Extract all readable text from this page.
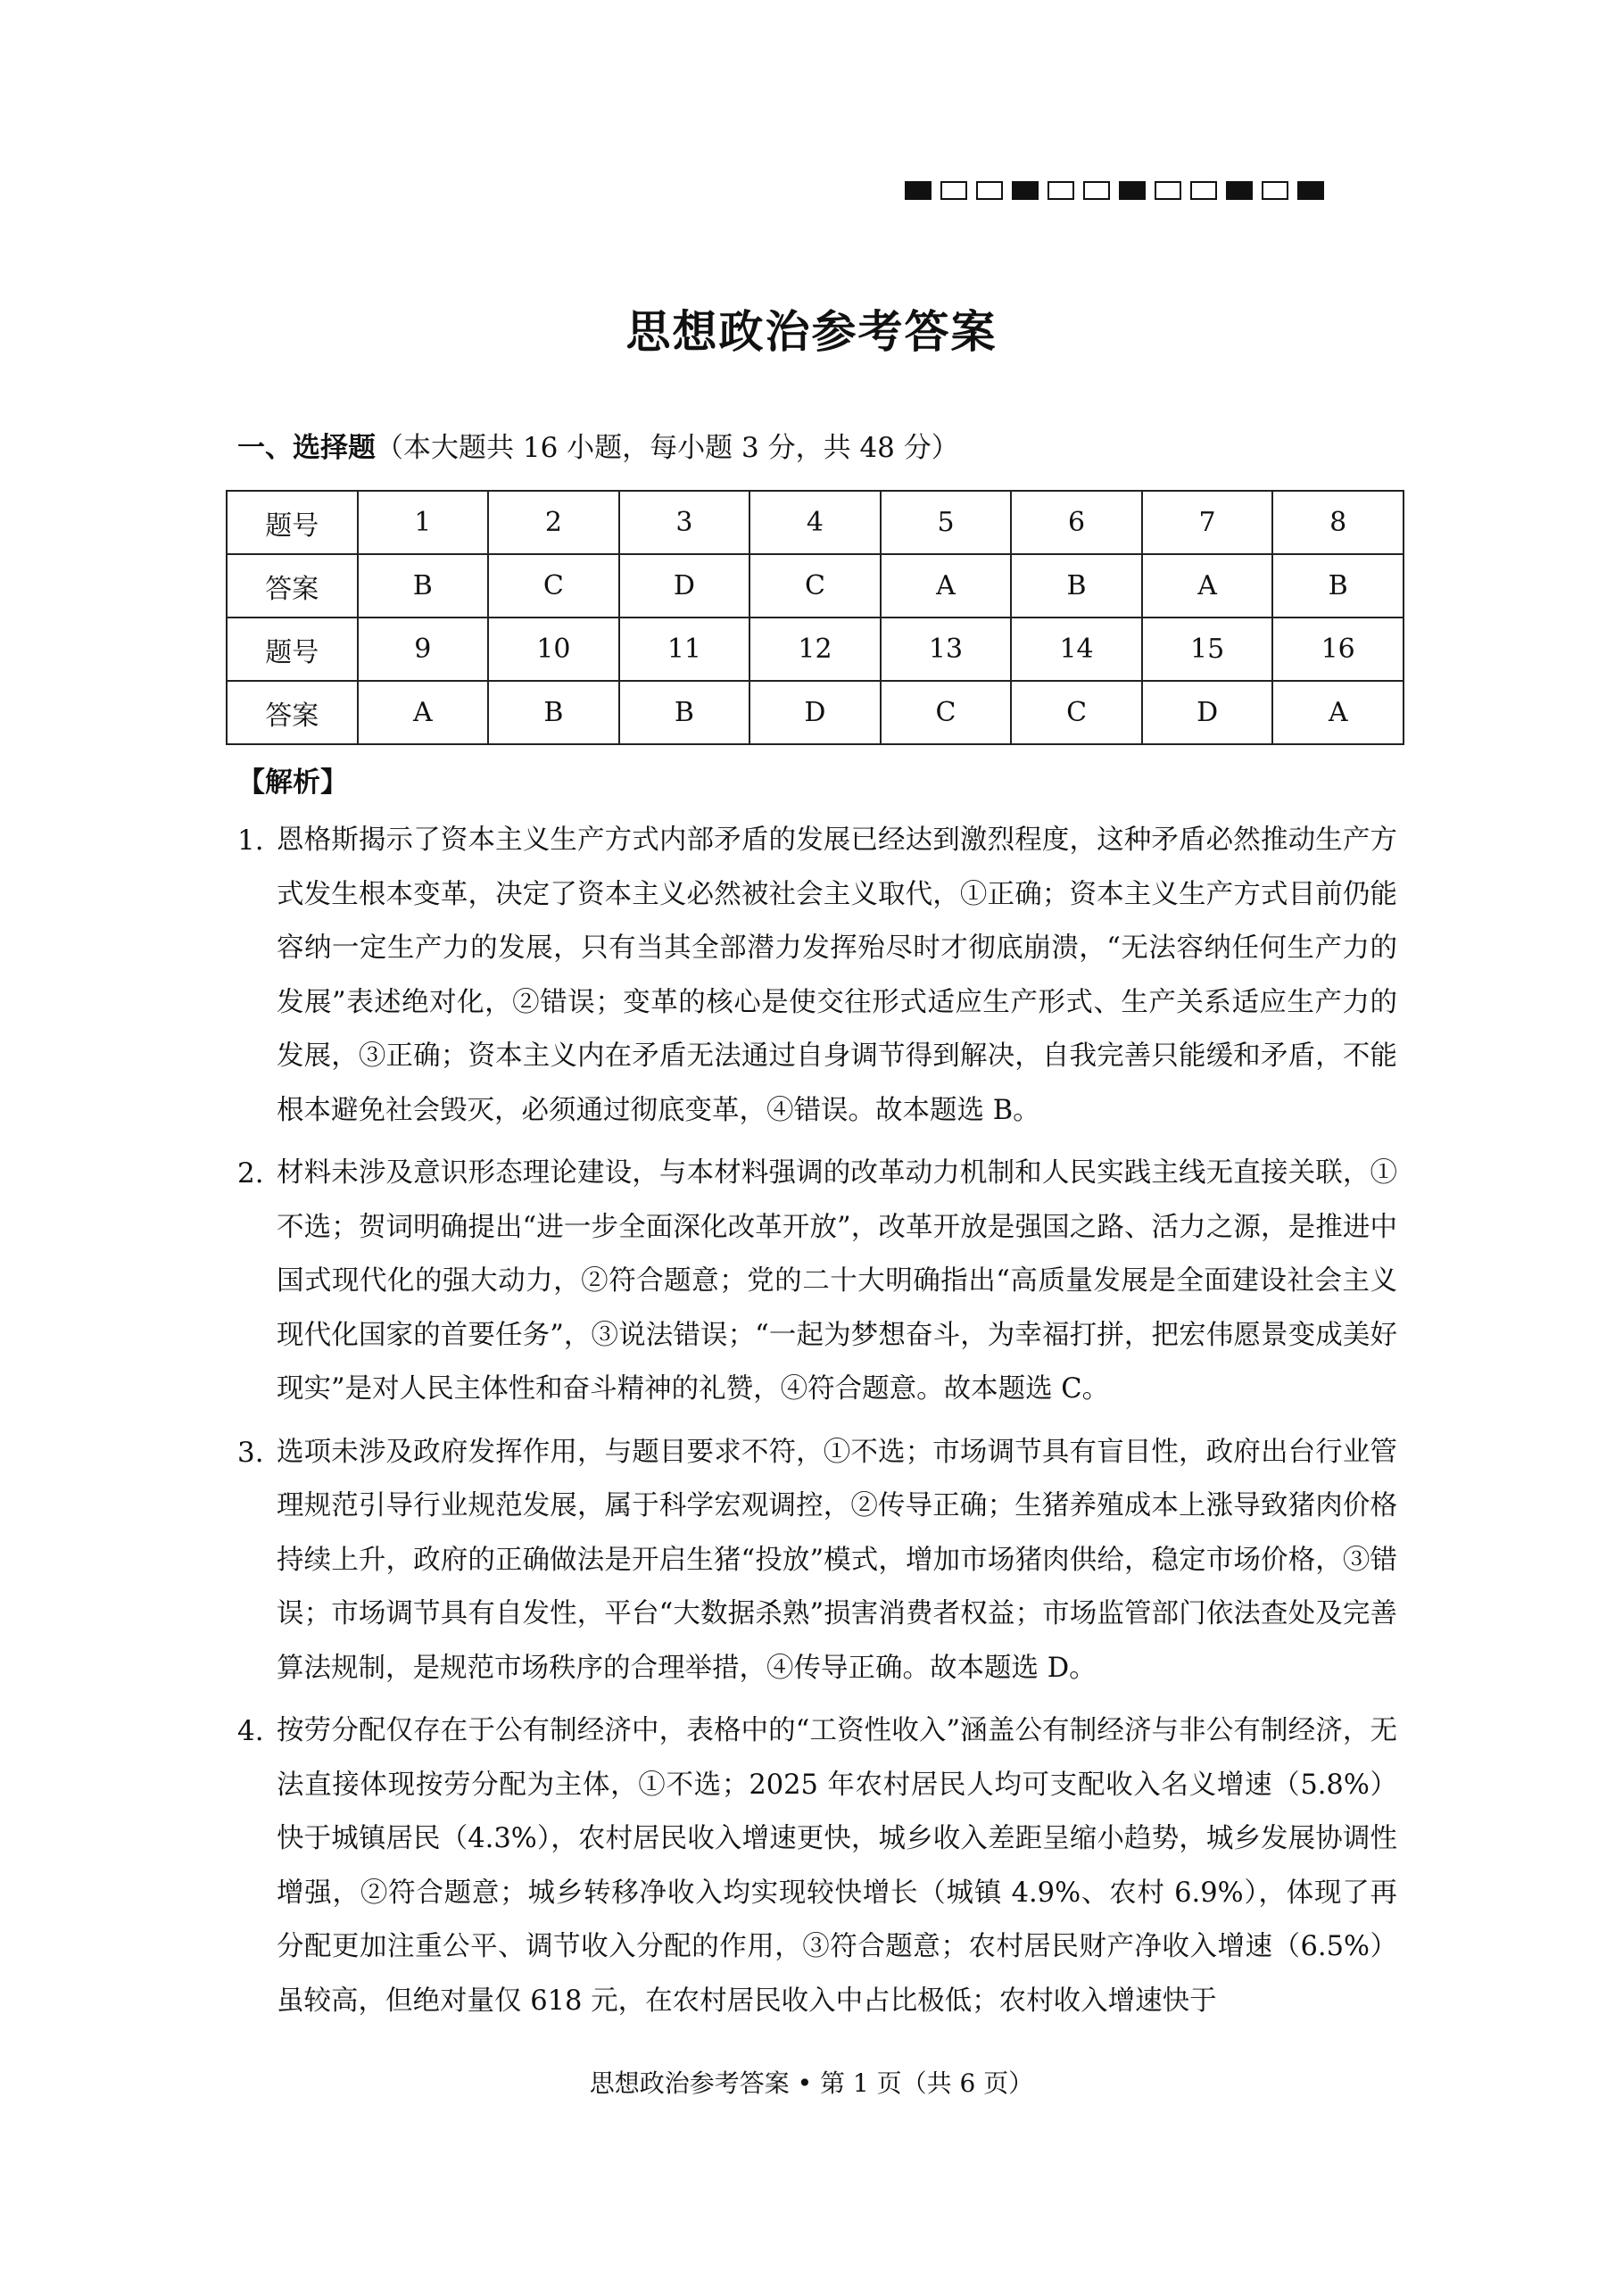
思想政治参考答案
一、选择题（本大题共 16 小题，每小题 3 分，共 48 分）
题号	1	2	3	4	5	6	7	8
答案	B	C	D	C	A	B	A	B
题号	9	10	11	12	13	14	15	16
答案	A	B	B	D	C	C	D	A
【解析】
1. 恩格斯揭示了资本主义生产方式内部矛盾的发展已经达到激烈程度，这种矛盾必然推动生产方式发生根本变革，决定了资本主义必然被社会主义取代，①正确；资本主义生产方式目前仍能容纳一定生产力的发展，只有当其全部潜力发挥殆尽时才彻底崩溃，“无法容纳任何生产力的发展”表述绝对化，②错误；变革的核心是使交往形式适应生产形式、生产关系适应生产力的发展，③正确；资本主义内在矛盾无法通过自身调节得到解决，自我完善只能缓和矛盾，不能根本避免社会毁灭，必须通过彻底变革，④错误。故本题选 B。

2. 材料未涉及意识形态理论建设，与本材料强调的改革动力机制和人民实践主线无直接关联，①不选；贺词明确提出“进一步全面深化改革开放”，改革开放是强国之路、活力之源，是推进中国式现代化的强大动力，②符合题意；党的二十大明确指出“高质量发展是全面建设社会主义现代化国家的首要任务”，③说法错误；“一起为梦想奋斗，为幸福打拼，把宏伟愿景变成美好现实”是对人民主体性和奋斗精神的礼赞，④符合题意。故本题选 C。

3. 选项未涉及政府发挥作用，与题目要求不符，①不选；市场调节具有盲目性，政府出台行业管理规范引导行业规范发展，属于科学宏观调控，②传导正确；生猪养殖成本上涨导致猪肉价格持续上升，政府的正确做法是开启生猪“投放”模式，增加市场猪肉供给，稳定市场价格，③错误；市场调节具有自发性，平台“大数据杀熟”损害消费者权益；市场监管部门依法查处及完善算法规制，是规范市场秩序的合理举措，④传导正确。故本题选 D。

4. 按劳分配仅存在于公有制经济中，表格中的“工资性收入”涵盖公有制经济与非公有制经济，无法直接体现按劳分配为主体，①不选；2025 年农村居民人均可支配收入名义增速（5.8%）快于城镇居民（4.3%），农村居民收入增速更快，城乡收入差距呈缩小趋势，城乡发展协调性增强，②符合题意；城乡转移净收入均实现较快增长（城镇 4.9%、农村 6.9%），体现了再分配更加注重公平、调节收入分配的作用，③符合题意；农村居民财产净收入增速（6.5%）虽较高，但绝对量仅 618 元，在农村居民收入中占比极低；农村收入增速快于

思想政治参考答案 • 第 1 页（共 6 页）
